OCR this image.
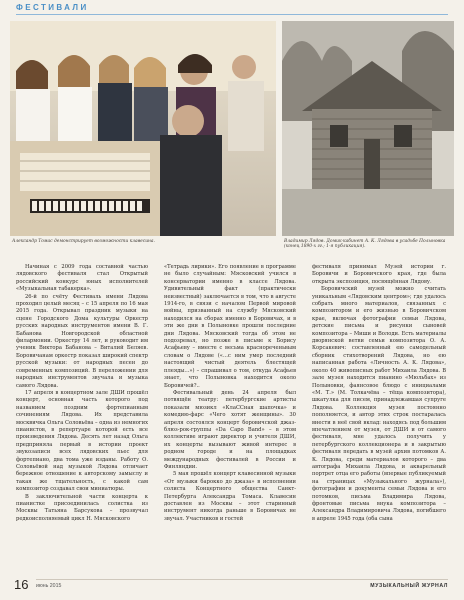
ФЕСТИВАЛИ
Александр Томас демонстрирует возможности клавесина.	Владимир Лядов. Домик-кабинет А. К. Лядова в усадьбе Полыновка (конец 1890-х гг.; 1-я публикация).

Начиная с 2009 года составной частью лядовского фестиваля стал Открытый российский конкурс юных исполнителей «Музыкальная табакерка».

26-й по счёту Фестиваль имени Лядова проходил целый месяц – с 15 апреля по 16 мая 2015 года. Открывал праздник музыки на сцене Городского Дома культуры Оркестр русских народных инструментов имени В. Г. Бабанова Новгородской областной филармонии. Оркестру 14 лет, и руководит им ученик Виктора Бабанова – Виталий Беляев. Боровичанам оркестр показал широкий спектр русской музыки: от народных песен до современных композиций. В переложении для народных инструментов звучала и музыка самого Лядова.

17 апреля в концертном зале ДШИ прошёл концерт, основная часть которого под названием поздним фортепианным сочинениям Лядова. Их представила москвичка Ольга Соловьёва – одна из немногих пианистов, в репертуаре которой есть все произведения Лядова. Десять лет назад Ольга предприняла первый в истории проект звукозаписи всех лядовских пьес для фортепиано, два тома уже изданы. Работу О. Соловьёвой над музыкой Лядова отличает бережное отношение к авторскому замыслу и такая же тщательность, с какой сам композитор создавал свои миниатюры.

В заключительной части концерта к пианистке присоединилась солистка из Москвы Татьяна Барсукова – прозвучал редкоисполняемый цикл Н. Мясковского

«Тетрадь лирики». Его появление в программе не было случайным: Мясковский учился в консерватории именно в классе Лядова. Удивительный факт (практически неизвестный) заключается в том, что в августе 1914-го, в связи с началом Первой мировой войны, призванный на службу Мясковский находился на сборах именно в Боровичах, и в эти же дни в Полыновке прошли последние дни Лядова. Мясковский тогда об этом не подозревал, но позже в письме к Борису Асафьеву – вместе с весьма краснореченьвым словам о Лядове («...с ним умер последний настоящий чистый деятель блестящей плеяды...») – спрашивал о том, откуда Асафьев знает, что Полыновка находится около Боровичей?..

Фестивальный день 24 апреля был потвящён театру: петербургские артисты показали мюзикл «КлаССная шапочка» и комедию-фарс «Чего хотят женщины». 30 апреля состоялся концерт боровичской джаз-блюз-рок-группы «Da Capo Band» – в этом коллективе играют директор и учителя ДШИ, их концерты вызывают живой интерес в родном городе и на площадках международных фестивалей в России и Финляндии.

5 мая прошёл концерт клавесинной музыки «От музыки барокко до джаза» в исполнении солиста Концертного общества Санкт-Петербурга Александра Томаса. Клавесин доставлен из Москвы – этот старинный инструмент никогда раньше в Боровичах не звучал. Участников и гостей

фестиваля принимал Музей истории г. Боровичи и Боровичского края, где была открыта экспозиция, посвящённая Лядову.

Боровичский музей можно считать уникальным «Лядовским центром»; где удалось собрать много материалов, связанных с композитором и его жизнью в Боровичском крае, включая фотографии семьи Лядова, детские письма и рисунки сыновей композитора – Миши и Володи. Есть материалы дворянской ветви семьи композитора О. А. Корсакевич: составленный ею самодельный сборник стихотворений Лядова, но ею написанная работа «Личность А. К. Лядова», около 40 живописных работ Михаила Лядова. В зале музея находится пианино «Мюльбах» из Полыновки, фаянсовое блюдо с инициалами «М. Т.» (М. Толкачёва – тёща композитора), шкатулка для писем, принадлежавшая супруге Лядова. Коллекция музея постоянно пополняется, и автор этих строк постаралась внести в неё свой вклад: находясь под большим впечатлением от музея, от ДШИ и от самого фестиваля, мне удалось получить у петербургского коллекционера и в закрытыю фестиваля передать в музей архив потомков А. К. Лядова, среди материалов которого – два автографа Михаила Лядова, и акварельный портрет отца его работы (впервые публикуемый на страницах «Музыкального журнала»), фотографии и документы семьи Лядова и его потомков, письма Владимира Лядова, фронтовые письма внука композитора – Александра Владимировича Лядова, погибшего в апреле 1945 года (оба сына

16 июнь 2015	МУЗЫКАЛЬНЫЙ ЖУРНАЛ
